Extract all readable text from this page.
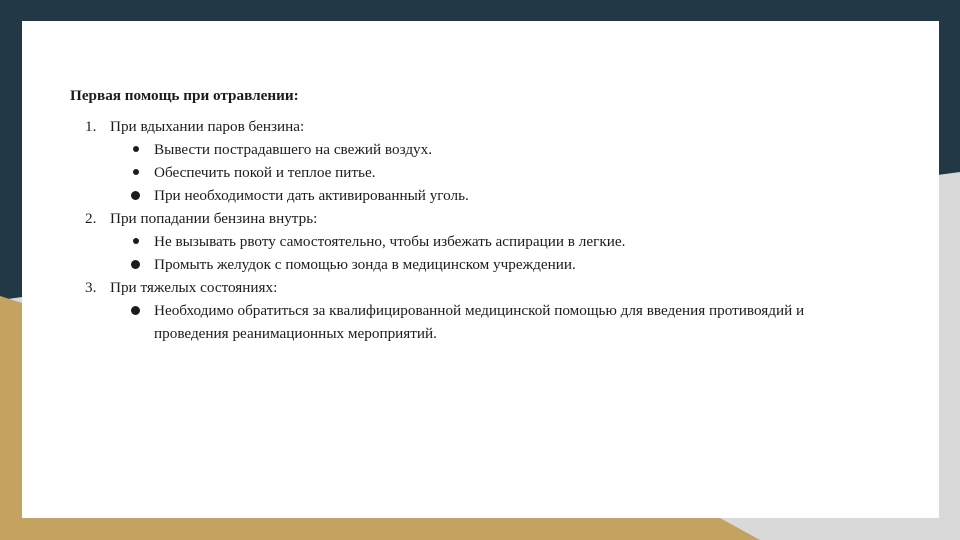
Первая помощь при отравлении:
1. При вдыхании паров бензина:
Вывести пострадавшего на свежий воздух.
Обеспечить покой и теплое питье.
При необходимости дать активированный уголь.
2. При попадании бензина внутрь:
Не вызывать рвоту самостоятельно, чтобы избежать аспирации в легкие.
Промыть желудок с помощью зонда в медицинском учреждении.
3. При тяжелых состояниях:
Необходимо обратиться за квалифицированной медицинской помощью для введения противоядий и проведения реанимационных мероприятий.
